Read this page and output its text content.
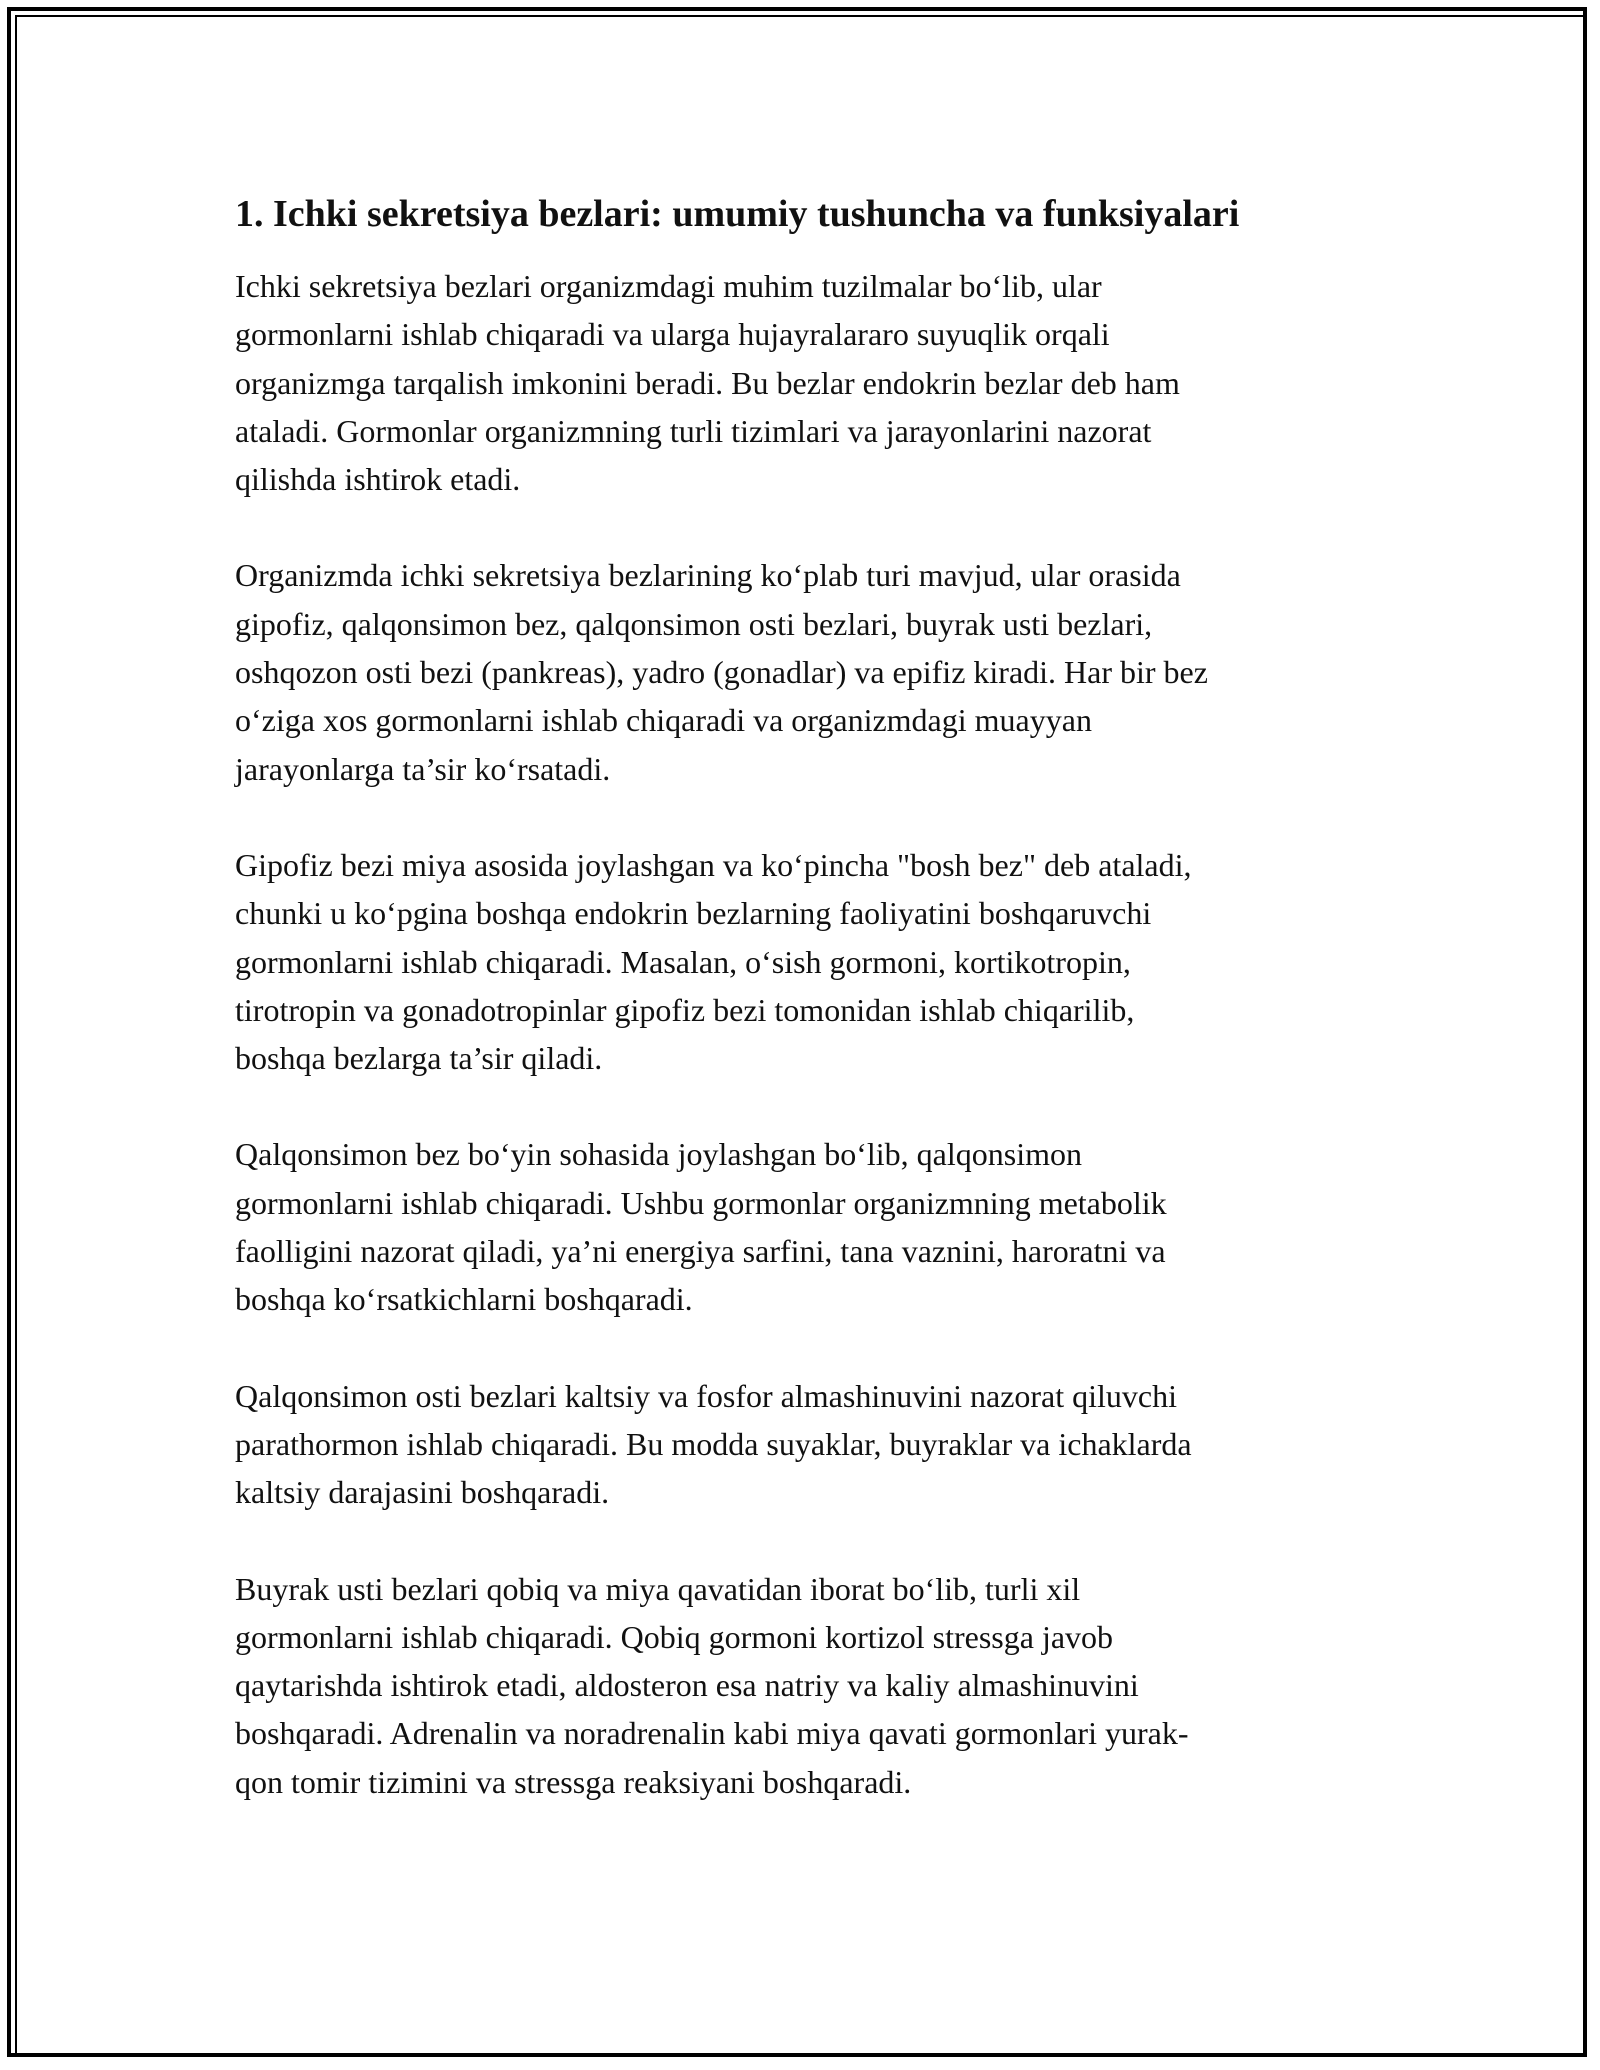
1. Ichki sekretsiya bezlari: umumiy tushuncha va funksiyalari

Ichki sekretsiya bezlari organizmdagi muhim tuzilmalar bo‘lib, ular
gormonlarni ishlab chiqaradi va ularga hujayralararo suyuqlik orqali
organizmga tarqalish imkonini beradi. Bu bezlar endokrin bezlar deb ham
ataladi. Gormonlar organizmning turli tizimlari va jarayonlarini nazorat
qilishda ishtirok etadi.

Organizmda ichki sekretsiya bezlarining ko‘plab turi mavjud, ular orasida
gipofiz, qalqonsimon bez, qalqonsimon osti bezlari, buyrak usti bezlari,
oshqozon osti bezi (pankreas), yadro (gonadlar) va epifiz kiradi. Har bir bez
o‘ziga xos gormonlarni ishlab chiqaradi va organizmdagi muayyan
jarayonlarga ta’sir ko‘rsatadi.

Gipofiz bezi miya asosida joylashgan va ko‘pincha "bosh bez" deb ataladi,
chunki u ko‘pgina boshqa endokrin bezlarning faoliyatini boshqaruvchi
gormonlarni ishlab chiqaradi. Masalan, o‘sish gormoni, kortikotropin,
tirotropin va gonadotropinlar gipofiz bezi tomonidan ishlab chiqarilib,
boshqa bezlarga ta’sir qiladi.

Qalqonsimon bez bo‘yin sohasida joylashgan bo‘lib, qalqonsimon
gormonlarni ishlab chiqaradi. Ushbu gormonlar organizmning metabolik
faolligini nazorat qiladi, ya’ni energiya sarfini, tana vaznini, haroratni va
boshqa ko‘rsatkichlarni boshqaradi.

Qalqonsimon osti bezlari kaltsiy va fosfor almashinuvini nazorat qiluvchi
parathormon ishlab chiqaradi. Bu modda suyaklar, buyraklar va ichaklarda
kaltsiy darajasini boshqaradi.

Buyrak usti bezlari qobiq va miya qavatidan iborat bo‘lib, turli xil
gormonlarni ishlab chiqaradi. Qobiq gormoni kortizol stressga javob
qaytarishda ishtirok etadi, aldosteron esa natriy va kaliy almashinuvini
boshqaradi. Adrenalin va noradrenalin kabi miya qavati gormonlari yurak-
qon tomir tizimini va stressga reaksiyani boshqaradi.
